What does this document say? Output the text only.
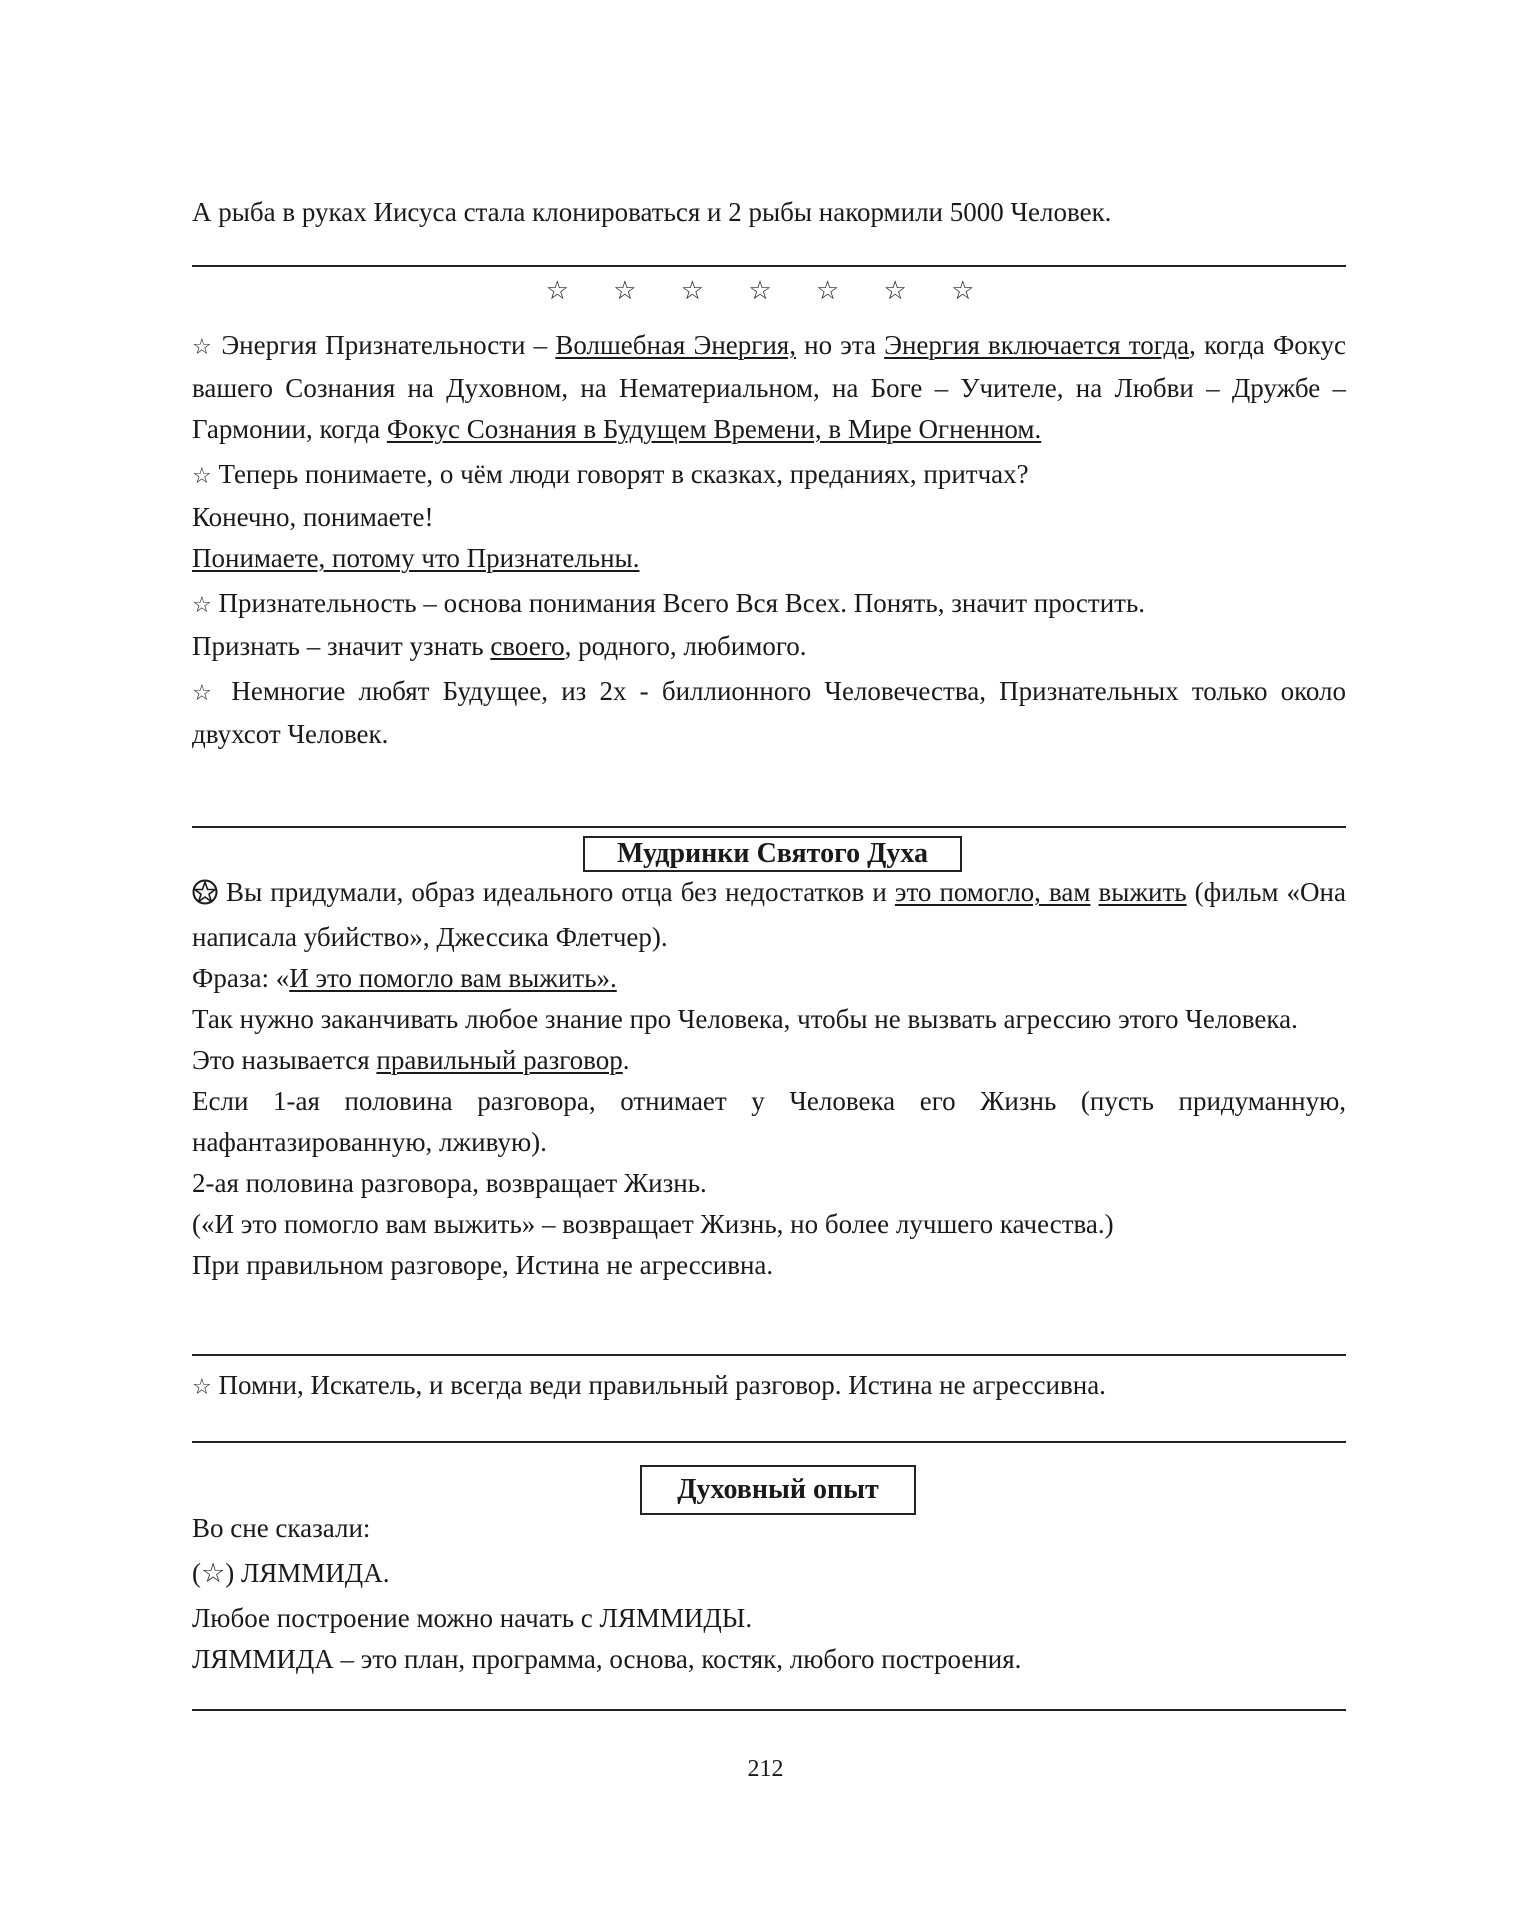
А рыба в руках Иисуса стала клонироваться и 2 рыбы накормили 5000 Человек.

☆ ☆ ☆ ☆ ☆ ☆ ☆

☆ Энергия Признательности – Волшебная Энергия, но эта Энергия включается тогда, когда Фокус вашего Сознания на Духовном, на Нематериальном, на Боге – Учителе, на Любви – Дружбе – Гармонии, когда Фокус Сознания в Будущем Времени, в Мире Огненном.

☆ Теперь понимаете, о чём люди говорят в сказках, преданиях, притчах?

Конечно, понимаете!

Понимаете, потому что Признательны.

☆ Признательность – основа понимания Всего Вся Всех. Понять, значит простить.

Признать – значит узнать своего, родного, любимого.

☆ Немногие любят Будущее, из 2х - биллионного Человечества, Признательных только около двухсот Человек.

Мудринки Святого Духа

Вы придумали, образ идеального отца без недостатков и это помогло, вам выжить (фильм «Она написала убийство», Джессика Флетчер).

Фраза: «И это помогло вам выжить».

Так нужно заканчивать любое знание про Человека, чтобы не вызвать агрессию этого Человека.

Это называется правильный разговор.

Если 1-ая половина разговора, отнимает у Человека его Жизнь (пусть придуманную, нафантазированную, лживую).

2-ая половина разговора, возвращает Жизнь.

(«И это помогло вам выжить» – возвращает Жизнь, но более лучшего качества.)

При правильном разговоре, Истина не агрессивна.

☆ Помни, Искатель, и всегда веди правильный разговор. Истина не агрессивна.

Духовный опыт

Во сне сказали:

(☆) ЛЯММИДА.

Любое построение можно начать с ЛЯММИДЫ.

ЛЯММИДА – это план, программа, основа, костяк, любого построения.

212
